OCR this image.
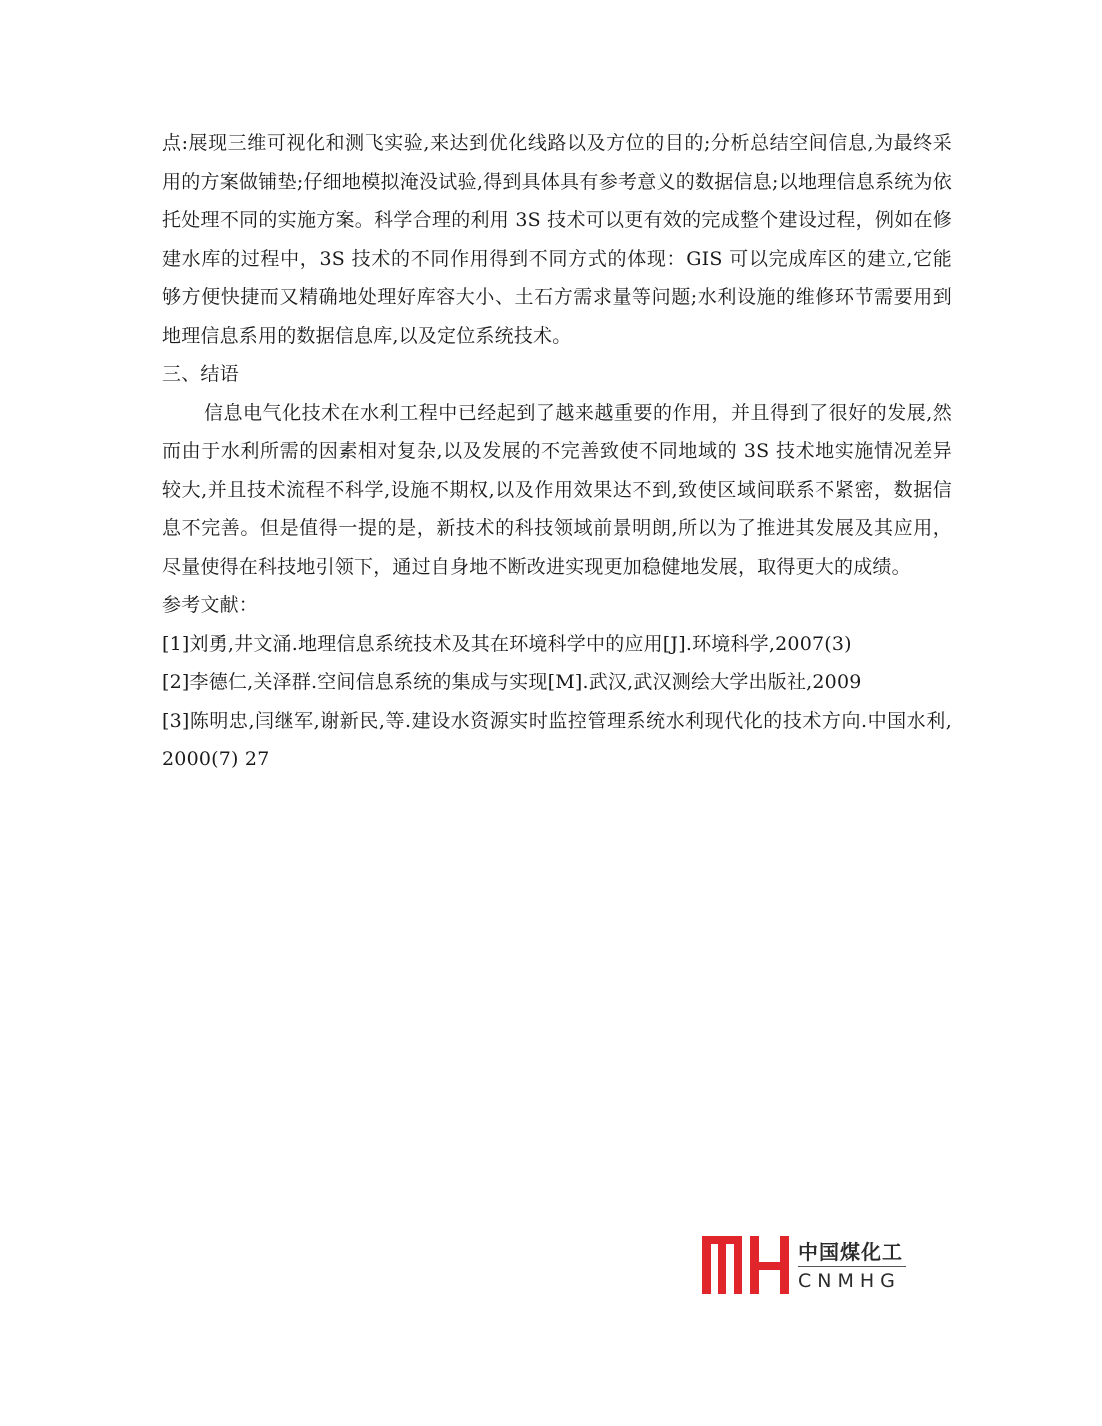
点:展现三维可视化和测飞实验,来达到优化线路以及方位的目的;分析总结空间信息,为最终采用的方案做铺垫;仔细地模拟淹没试验,得到具体具有参考意义的数据信息;以地理信息系统为依托处理不同的实施方案。科学合理的利用 3S 技术可以更有效的完成整个建设过程，例如在修建水库的过程中，3S 技术的不同作用得到不同方式的体现：GIS 可以完成库区的建立,它能够方便快捷而又精确地处理好库容大小、土石方需求量等问题;水利设施的维修环节需要用到地理信息系用的数据信息库,以及定位系统技术。

三、结语

信息电气化技术在水利工程中已经起到了越来越重要的作用，并且得到了很好的发展,然而由于水利所需的因素相对复杂,以及发展的不完善致使不同地域的 3S 技术地实施情况差异较大,并且技术流程不科学,设施不期权,以及作用效果达不到,致使区域间联系不紧密，数据信息不完善。但是值得一提的是，新技术的科技领域前景明朗,所以为了推进其发展及其应用，尽量使得在科技地引领下，通过自身地不断改进实现更加稳健地发展，取得更大的成绩。

参考文献：

[1]刘勇,井文涌.地理信息系统技术及其在环境科学中的应用[J].环境科学,2007(3)

[2]李德仁,关泽群.空间信息系统的集成与实现[M].武汉,武汉测绘大学出版社,2009

[3]陈明忠,闫继军,谢新民,等.建设水资源实时监控管理系统水利现代化的技术方向.中国水利,　2000(7) 27

中国煤化工
CNMHG
